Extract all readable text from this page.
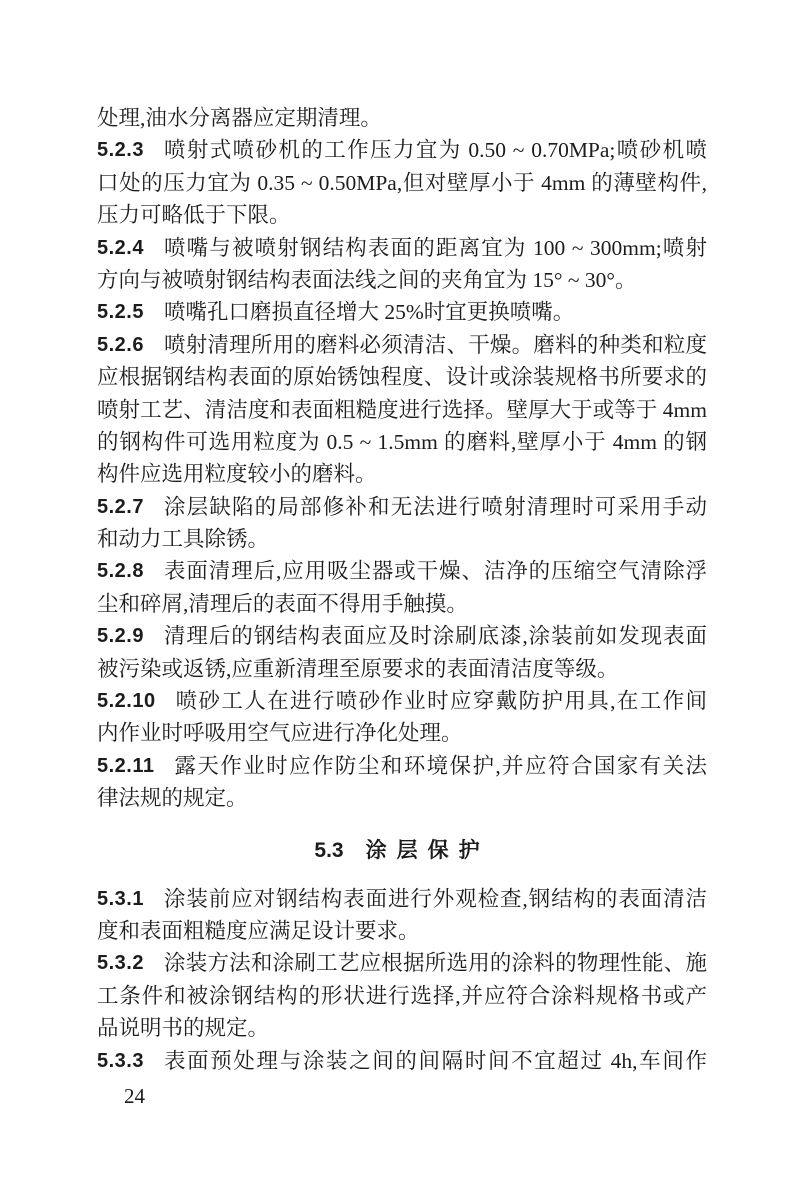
处理,油水分离器应定期清理。
5.2.3 喷射式喷砂机的工作压力宜为 0.50 ~ 0.70MPa;喷砂机喷
口处的压力宜为 0.35 ~ 0.50MPa,但对壁厚小于 4mm 的薄壁构件,
压力可略低于下限。
5.2.4 喷嘴与被喷射钢结构表面的距离宜为 100 ~ 300mm;喷射
方向与被喷射钢结构表面法线之间的夹角宜为 15° ~ 30°。
5.2.5 喷嘴孔口磨损直径增大 25%时宜更换喷嘴。
5.2.6 喷射清理所用的磨料必须清洁、干燥。磨料的种类和粒度
应根据钢结构表面的原始锈蚀程度、设计或涂装规格书所要求的
喷射工艺、清洁度和表面粗糙度进行选择。壁厚大于或等于 4mm
的钢构件可选用粒度为 0.5 ~ 1.5mm 的磨料,壁厚小于 4mm 的钢
构件应选用粒度较小的磨料。
5.2.7 涂层缺陷的局部修补和无法进行喷射清理时可采用手动
和动力工具除锈。
5.2.8 表面清理后,应用吸尘器或干燥、洁净的压缩空气清除浮
尘和碎屑,清理后的表面不得用手触摸。
5.2.9 清理后的钢结构表面应及时涂刷底漆,涂装前如发现表面
被污染或返锈,应重新清理至原要求的表面清洁度等级。
5.2.10 喷砂工人在进行喷砂作业时应穿戴防护用具,在工作间
内作业时呼吸用空气应进行净化处理。
5.2.11 露天作业时应作防尘和环境保护,并应符合国家有关法
律法规的规定。
5.3 涂层保护
5.3.1 涂装前应对钢结构表面进行外观检查,钢结构的表面清洁
度和表面粗糙度应满足设计要求。
5.3.2 涂装方法和涂刷工艺应根据所选用的涂料的物理性能、施
工条件和被涂钢结构的形状进行选择,并应符合涂料规格书或产
品说明书的规定。
5.3.3 表面预处理与涂装之间的间隔时间不宜超过 4h,车间作
24
